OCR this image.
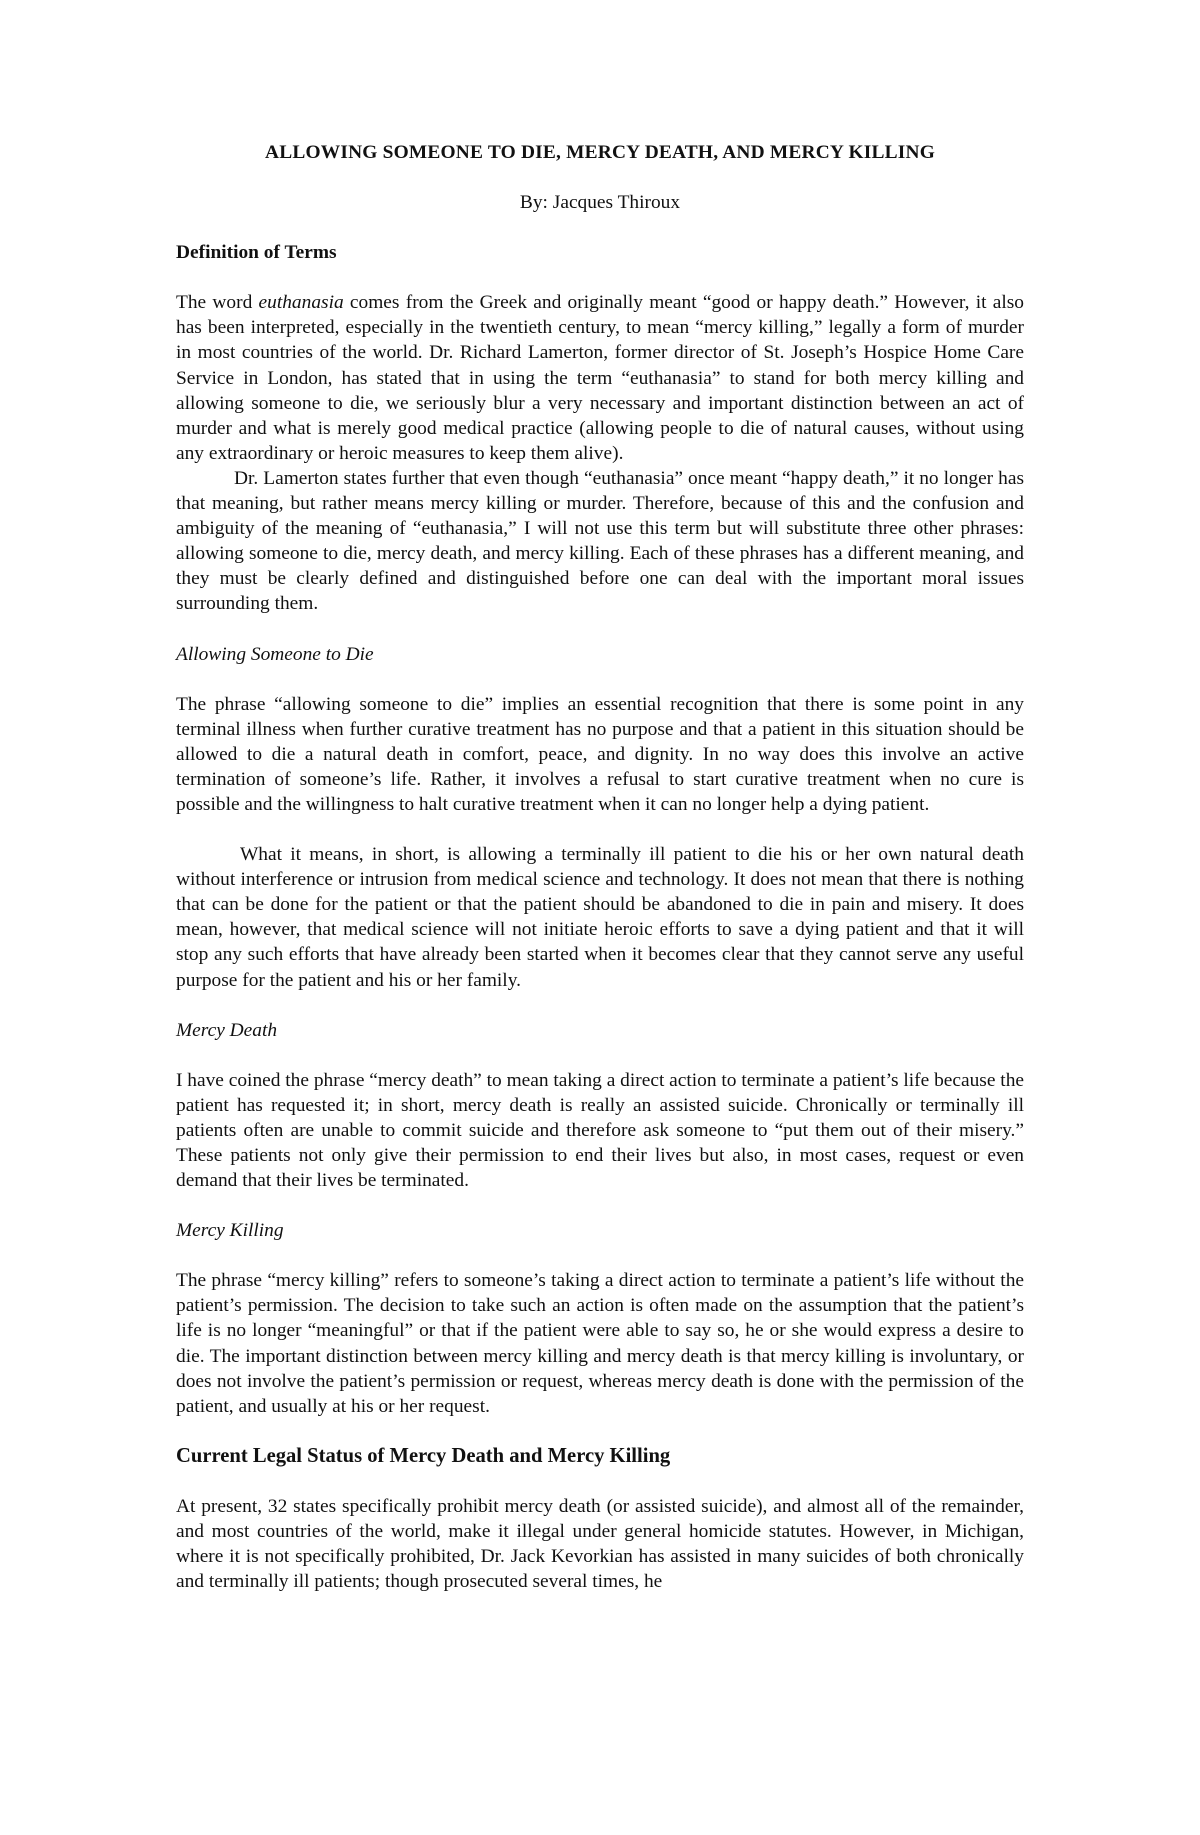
ALLOWING SOMEONE TO DIE, MERCY DEATH, AND MERCY KILLING
By: Jacques Thiroux
Definition of Terms

The word euthanasia comes from the Greek and originally meant “good or happy death.” However, it also has been interpreted, especially in the twentieth century, to mean “mercy killing,” legally a form of murder in most countries of the world. Dr. Richard Lamerton, former director of St. Joseph’s Hospice Home Care Service in London, has stated that in using the term “euthanasia” to stand for both mercy killing and allowing someone to die, we seriously blur a very necessary and important distinction between an act of murder and what is merely good medical practice (allowing people to die of natural causes, without using any extraordinary or heroic measures to keep them alive).

Dr. Lamerton states further that even though “euthanasia” once meant “happy death,” it no longer has that meaning, but rather means mercy killing or murder. Therefore, because of this and the confusion and ambiguity of the meaning of “euthanasia,” I will not use this term but will substitute three other phrases: allowing someone to die, mercy death, and mercy killing. Each of these phrases has a different meaning, and they must be clearly defined and distinguished before one can deal with the important moral issues surrounding them.

Allowing Someone to Die

The phrase “allowing someone to die” implies an essential recognition that there is some point in any terminal illness when further curative treatment has no purpose and that a patient in this situation should be allowed to die a natural death in comfort, peace, and dignity. In no way does this involve an active termination of someone’s life. Rather, it involves a refusal to start curative treatment when no cure is possible and the willingness to halt curative treatment when it can no longer help a dying patient.

What it means, in short, is allowing a terminally ill patient to die his or her own natural death without interference or intrusion from medical science and technology. It does not mean that there is nothing that can be done for the patient or that the patient should be abandoned to die in pain and misery. It does mean, however, that medical science will not initiate heroic efforts to save a dying patient and that it will stop any such efforts that have already been started when it becomes clear that they cannot serve any useful purpose for the patient and his or her family.

Mercy Death

I have coined the phrase “mercy death” to mean taking a direct action to terminate a patient’s life because the patient has requested it; in short, mercy death is really an assisted suicide. Chronically or terminally ill patients often are unable to commit suicide and therefore ask someone to “put them out of their misery.” These patients not only give their permission to end their lives but also, in most cases, request or even demand that their lives be terminated.

Mercy Killing

The phrase “mercy killing” refers to someone’s taking a direct action to terminate a patient’s life without the patient’s permission. The decision to take such an action is often made on the assumption that the patient’s life is no longer “meaningful” or that if the patient were able to say so, he or she would express a desire to die. The important distinction between mercy killing and mercy death is that mercy killing is involuntary, or does not involve the patient’s permission or request, whereas mercy death is done with the permission of the patient, and usually at his or her request.

Current Legal Status of Mercy Death and Mercy Killing

At present, 32 states specifically prohibit mercy death (or assisted suicide), and almost all of the remainder, and most countries of the world, make it illegal under general homicide statutes. However, in Michigan, where it is not specifically prohibited, Dr. Jack Kevorkian has assisted in many suicides of both chronically and terminally ill patients; though prosecuted several times, he
